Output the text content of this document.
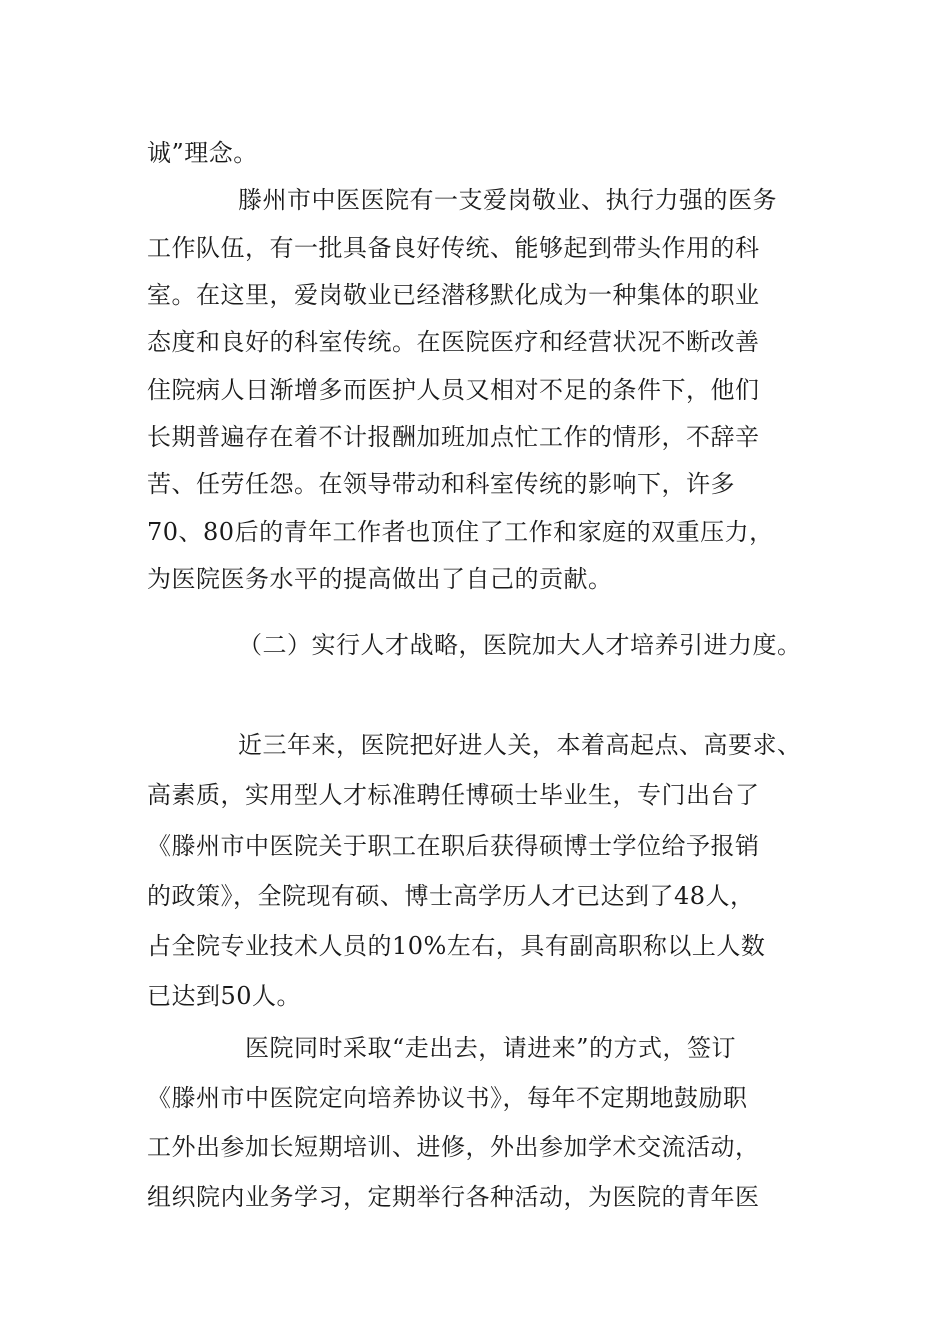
诚”理念。
滕州市中医医院有一支爱岗敬业、执行力强的医务
工作队伍，有一批具备良好传统、能够起到带头作用的科
室。在这里，爱岗敬业已经潜移默化成为一种集体的职业
态度和良好的科室传统。在医院医疗和经营状况不断改善
住院病人日渐增多而医护人员又相对不足的条件下，他们
长期普遍存在着不计报酬加班加点忙工作的情形，不辞辛
苦、任劳任怨。在领导带动和科室传统的影响下，许多
70、80后的青年工作者也顶住了工作和家庭的双重压力，
为医院医务水平的提高做出了自己的贡献。
（二）实行人才战略，医院加大人才培养引进力度。
近三年来，医院把好进人关，本着高起点、高要求、
高素质，实用型人才标准聘任博硕士毕业生，专门出台了
《滕州市中医院关于职工在职后获得硕博士学位给予报销
的政策》，全院现有硕、博士高学历人才已达到了48人，
占全院专业技术人员的10%左右，具有副高职称以上人数
已达到50人。
医院同时采取“走出去，请进来”的方式，签订
《滕州市中医院定向培养协议书》，每年不定期地鼓励职
工外出参加长短期培训、进修，外出参加学术交流活动，
组织院内业务学习，定期举行各种活动，为医院的青年医
